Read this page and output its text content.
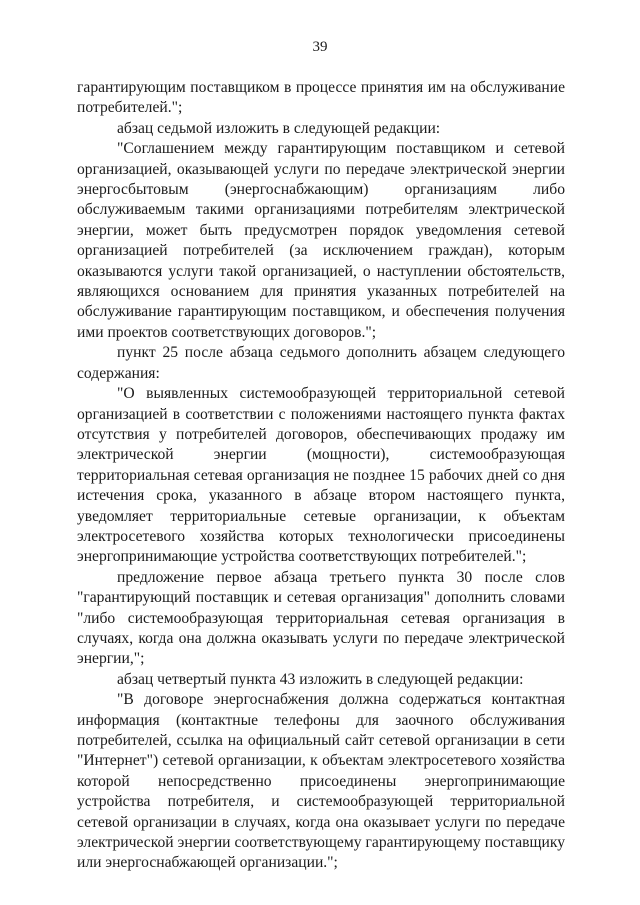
39

гарантирующим поставщиком в процессе принятия им на обслуживание потребителей.";

абзац седьмой изложить в следующей редакции:

"Соглашением между гарантирующим поставщиком и сетевой организацией, оказывающей услуги по передаче электрической энергии энергосбытовым (энергоснабжающим) организациям либо обслуживаемым такими организациями потребителям электрической энергии, может быть предусмотрен порядок уведомления сетевой организацией потребителей (за исключением граждан), которым оказываются услуги такой организацией, о наступлении обстоятельств, являющихся основанием для принятия указанных потребителей на обслуживание гарантирующим поставщиком, и обеспечения получения ими проектов соответствующих договоров.";

пункт 25 после абзаца седьмого дополнить абзацем следующего содержания:

"О выявленных системообразующей территориальной сетевой организацией в соответствии с положениями настоящего пункта фактах отсутствия у потребителей договоров, обеспечивающих продажу им электрической энергии (мощности), системообразующая территориальная сетевая организация не позднее 15 рабочих дней со дня истечения срока, указанного в абзаце втором настоящего пункта, уведомляет территориальные сетевые организации, к объектам электросетевого хозяйства которых технологически присоединены энергопринимающие устройства соответствующих потребителей.";

предложение первое абзаца третьего пункта 30 после слов "гарантирующий поставщик и сетевая организация" дополнить словами "либо системообразующая территориальная сетевая организация в случаях, когда она должна оказывать услуги по передаче электрической энергии,";

абзац четвертый пункта 43 изложить в следующей редакции:

"В договоре энергоснабжения должна содержаться контактная информация (контактные телефоны для заочного обслуживания потребителей, ссылка на официальный сайт сетевой организации в сети "Интернет") сетевой организации, к объектам электросетевого хозяйства которой непосредственно присоединены энергопринимающие устройства потребителя, и системообразующей территориальной сетевой организации в случаях, когда она оказывает услуги по передаче электрической энергии соответствующему гарантирующему поставщику или энергоснабжающей организации.";
